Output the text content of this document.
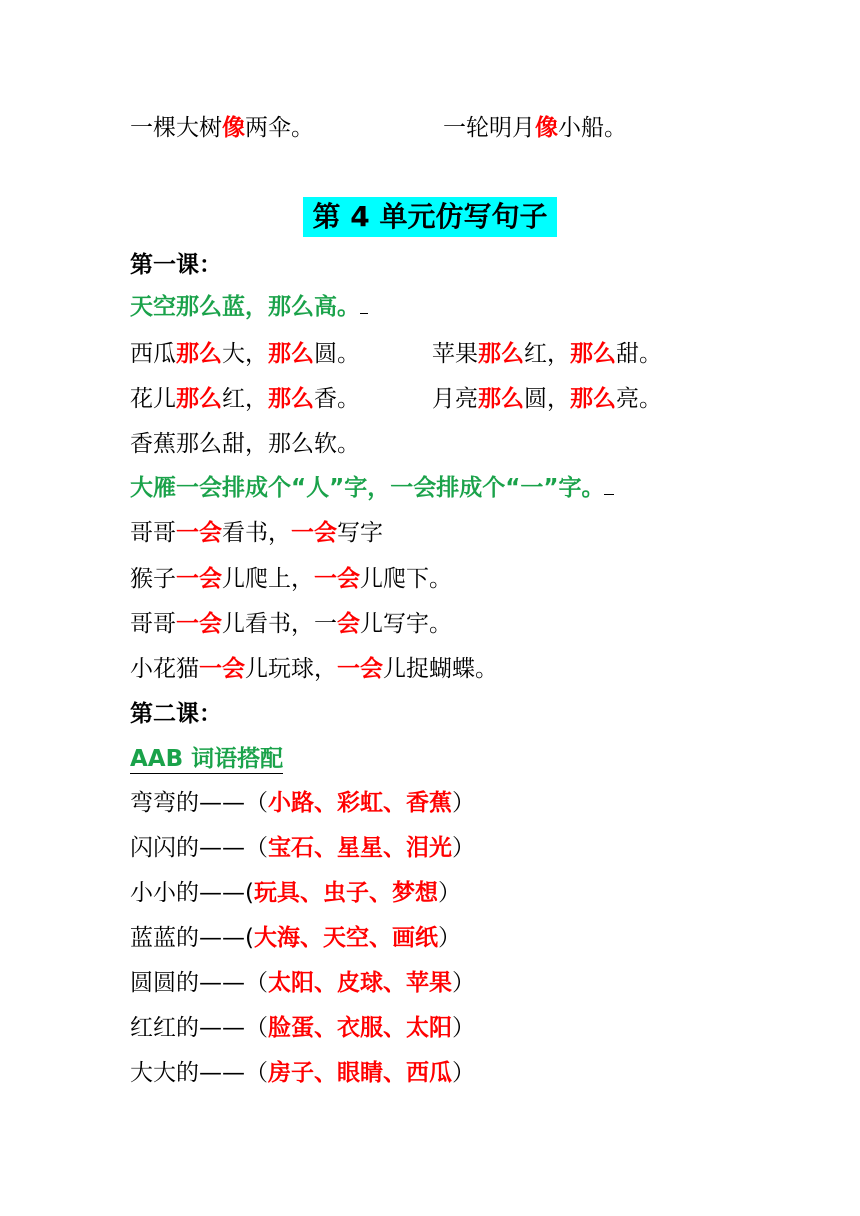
一棵大树像两伞。	一轮明月像小船。
第 4 单元仿写句子
第一课：
天空那么蓝，那么高。
西瓜那么大，那么圆。	苹果那么红，那么甜。
花儿那么红，那么香。	月亮那么圆，那么亮。
香蕉那么甜，那么软。
大雁一会排成个“人”字，一会排成个“一”字。
哥哥一会看书，一会写字
猴子一会儿爬上，一会儿爬下。
哥哥一会儿看书，一会儿写宇。
小花猫一会儿玩球，一会儿捉蝴蝶。
第二课：
AAB 词语搭配
弯弯的——（小路、彩虹、香蕉）
闪闪的——（宝石、星星、泪光）
小小的——(玩具、虫子、梦想）
蓝蓝的——(大海、天空、画纸）
圆圆的——（太阳、皮球、苹果）
红红的——（脸蛋、衣服、太阳）
大大的——（房子、眼睛、西瓜）
